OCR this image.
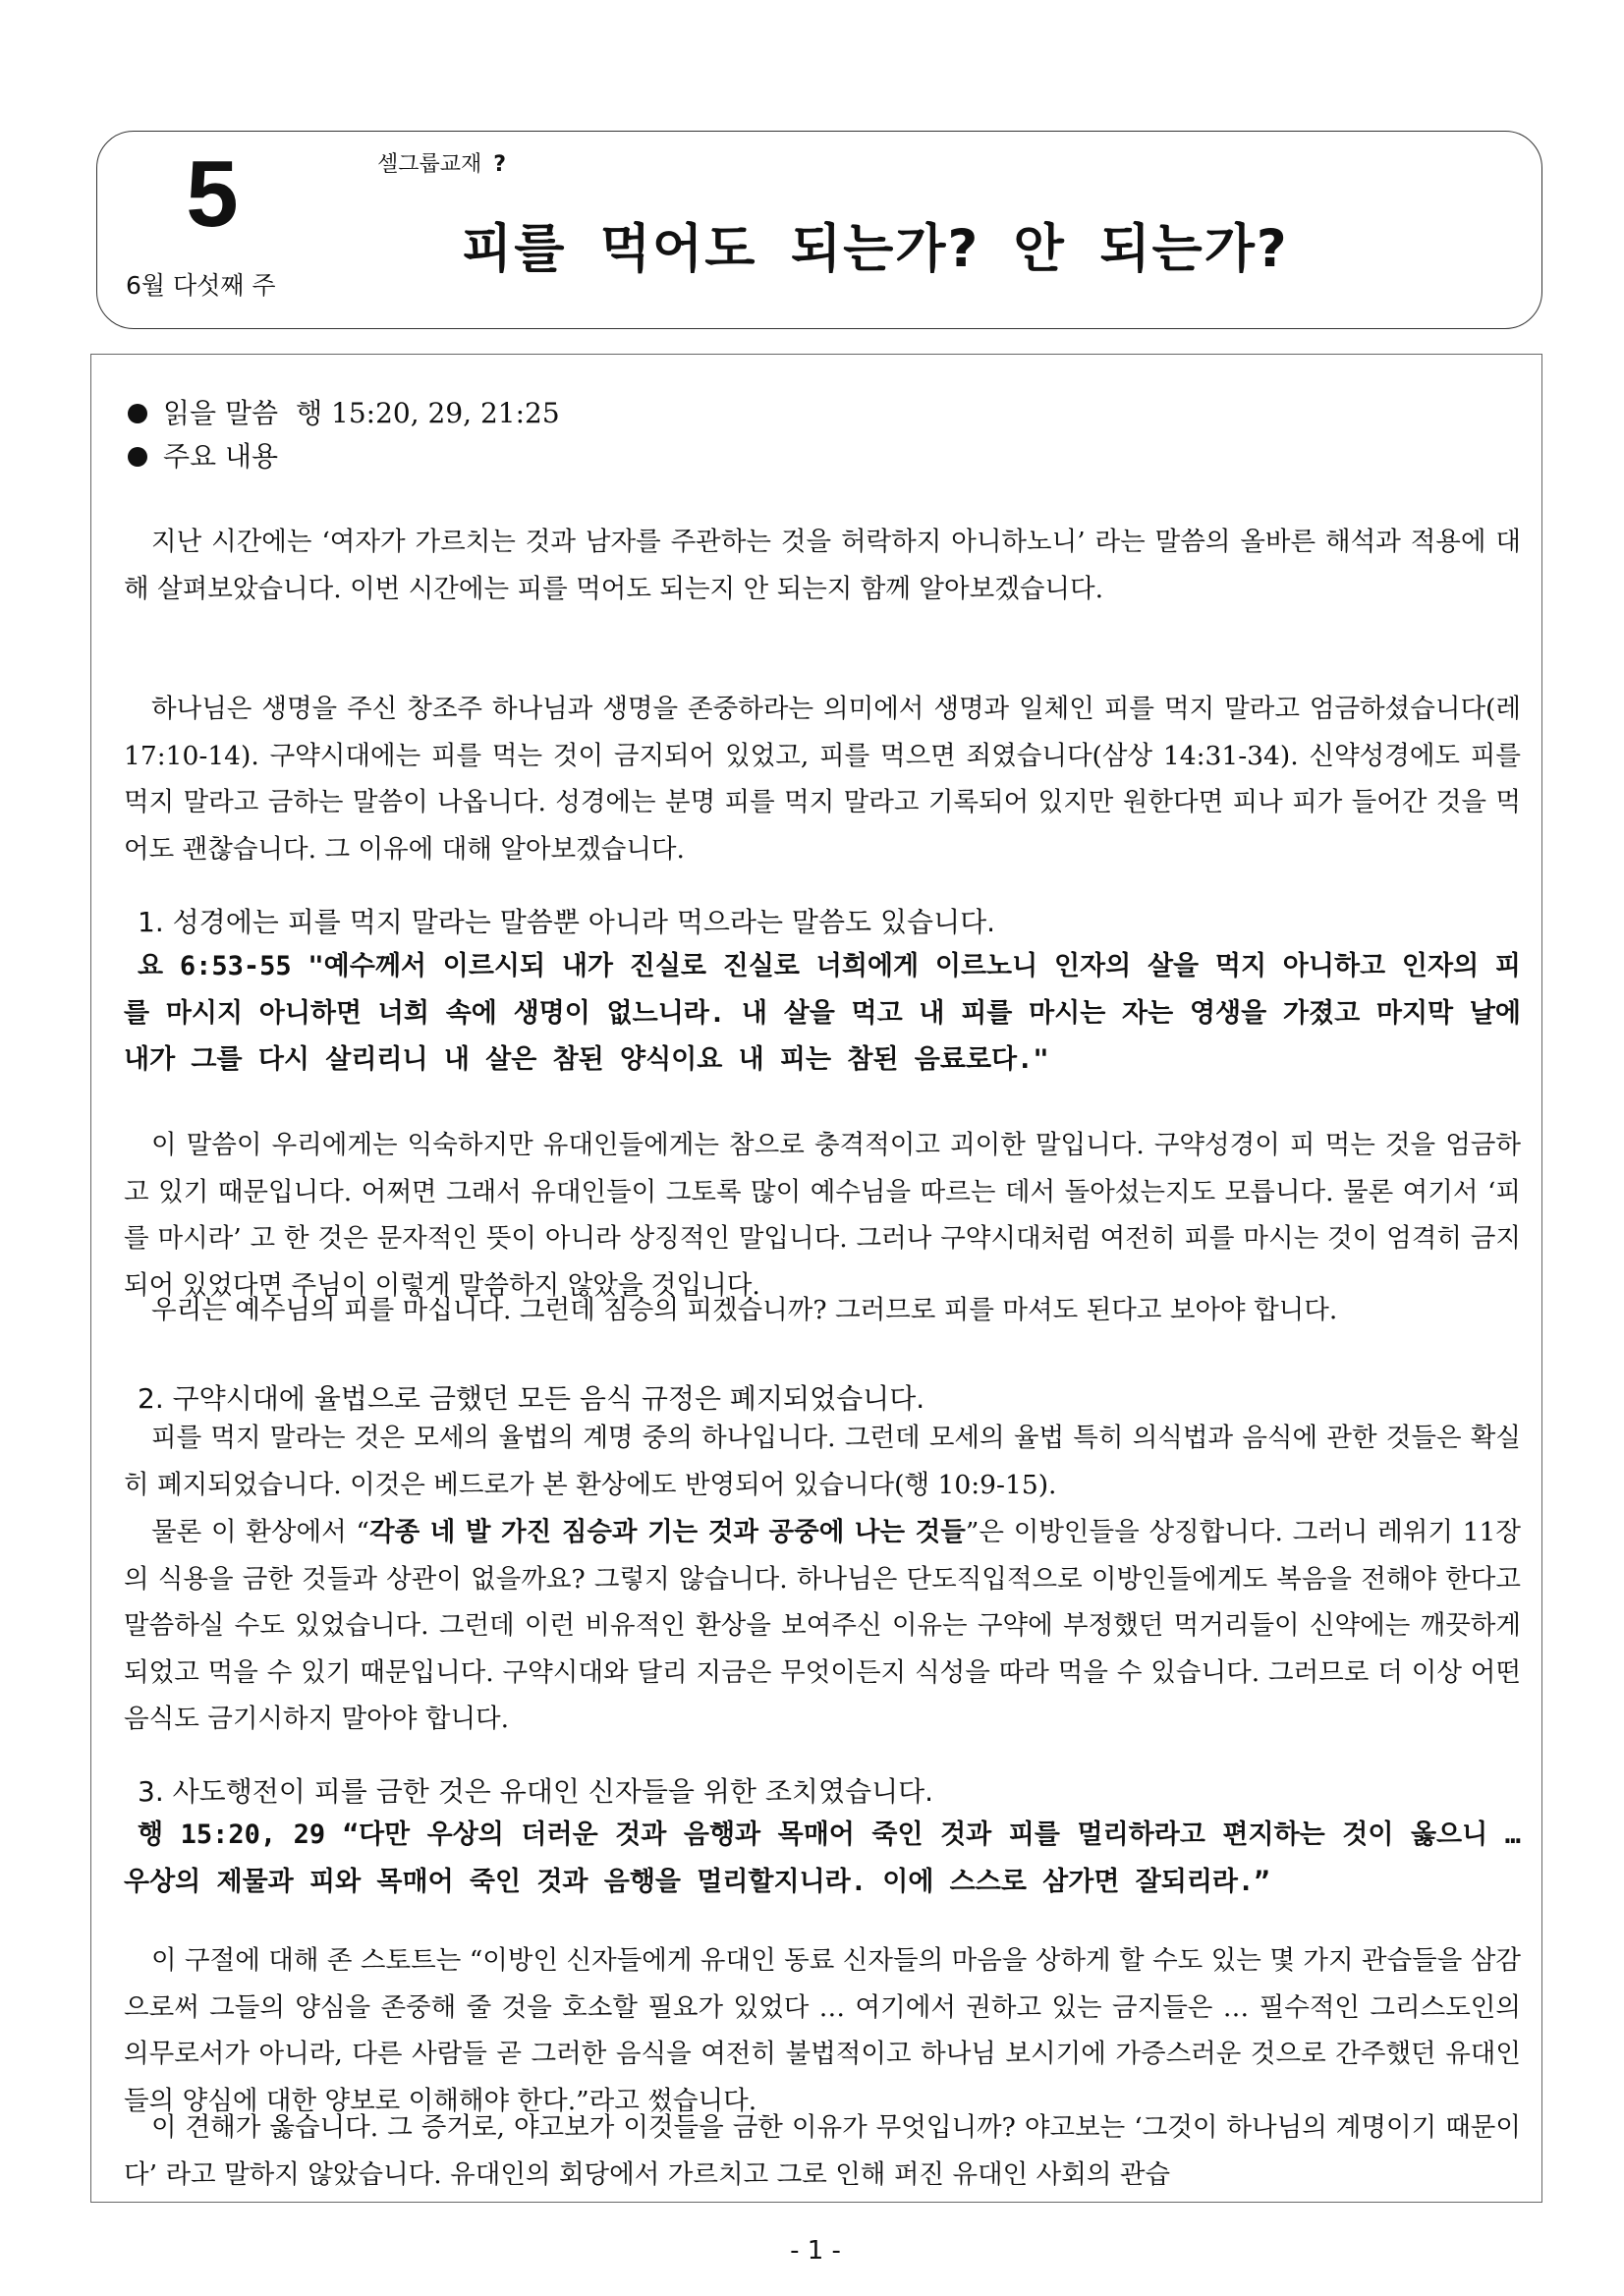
5
6월 다섯째 주
셀그룹교재 ?
피를 먹어도 되는가? 안 되는가?
읽을 말씀 행 15:20, 29, 21:25
주요 내용
지난 시간에는 ‘여자가 가르치는 것과 남자를 주관하는 것을 허락하지 아니하노니’ 라는 말씀의 올바른 해석과 적용에 대해 살펴보았습니다. 이번 시간에는 피를 먹어도 되는지 안 되는지 함께 알아보겠습니다.
하나님은 생명을 주신 창조주 하나님과 생명을 존중하라는 의미에서 생명과 일체인 피를 먹지 말라고 엄금하셨습니다(레 17:10-14). 구약시대에는 피를 먹는 것이 금지되어 있었고, 피를 먹으면 죄였습니다(삼상 14:31-34). 신약성경에도 피를 먹지 말라고 금하는 말씀이 나옵니다. 성경에는 분명 피를 먹지 말라고 기록되어 있지만 원한다면 피나 피가 들어간 것을 먹어도 괜찮습니다. 그 이유에 대해 알아보겠습니다.
1. 성경에는 피를 먹지 말라는 말씀뿐 아니라 먹으라는 말씀도 있습니다.
요 6:53-55 "예수께서 이르시되 내가 진실로 진실로 너희에게 이르노니 인자의 살을 먹지 아니하고 인자의 피를 마시지 아니하면 너희 속에 생명이 없느니라. 내 살을 먹고 내 피를 마시는 자는 영생을 가졌고 마지막 날에 내가 그를 다시 살리리니 내 살은 참된 양식이요 내 피는 참된 음료로다."
이 말씀이 우리에게는 익숙하지만 유대인들에게는 참으로 충격적이고 괴이한 말입니다. 구약성경이 피 먹는 것을 엄금하고 있기 때문입니다. 어쩌면 그래서 유대인들이 그토록 많이 예수님을 따르는 데서 돌아섰는지도 모릅니다. 물론 여기서 ‘피를 마시라’ 고 한 것은 문자적인 뜻이 아니라 상징적인 말입니다. 그러나 구약시대처럼 여전히 피를 마시는 것이 엄격히 금지되어 있었다면 주님이 이렇게 말씀하지 않았을 것입니다.
우리는 예수님의 피를 마십니다. 그런데 짐승의 피겠습니까? 그러므로 피를 마셔도 된다고 보아야 합니다.
2. 구약시대에 율법으로 금했던 모든 음식 규정은 폐지되었습니다.
피를 먹지 말라는 것은 모세의 율법의 계명 중의 하나입니다. 그런데 모세의 율법 특히 의식법과 음식에 관한 것들은 확실히 폐지되었습니다. 이것은 베드로가 본 환상에도 반영되어 있습니다(행 10:9-15).
물론 이 환상에서 “각종 네 발 가진 짐승과 기는 것과 공중에 나는 것들”은 이방인들을 상징합니다. 그러니 레위기 11장의 식용을 금한 것들과 상관이 없을까요? 그렇지 않습니다. 하나님은 단도직입적으로 이방인들에게도 복음을 전해야 한다고 말씀하실 수도 있었습니다. 그런데 이런 비유적인 환상을 보여주신 이유는 구약에 부정했던 먹거리들이 신약에는 깨끗하게 되었고 먹을 수 있기 때문입니다. 구약시대와 달리 지금은 무엇이든지 식성을 따라 먹을 수 있습니다. 그러므로 더 이상 어떤 음식도 금기시하지 말아야 합니다.
3. 사도행전이 피를 금한 것은 유대인 신자들을 위한 조치였습니다.
행 15:20, 29 “다만 우상의 더러운 것과 음행과 목매어 죽인 것과 피를 멀리하라고 편지하는 것이 옳으니 … 우상의 제물과 피와 목매어 죽인 것과 음행을 멀리할지니라. 이에 스스로 삼가면 잘되리라.”
이 구절에 대해 존 스토트는 “이방인 신자들에게 유대인 동료 신자들의 마음을 상하게 할 수도 있는 몇 가지 관습들을 삼감으로써 그들의 양심을 존중해 줄 것을 호소할 필요가 있었다 … 여기에서 권하고 있는 금지들은 … 필수적인 그리스도인의 의무로서가 아니라, 다른 사람들 곧 그러한 음식을 여전히 불법적이고 하나님 보시기에 가증스러운 것으로 간주했던 유대인들의 양심에 대한 양보로 이해해야 한다.”라고 썼습니다.
이 견해가 옳습니다. 그 증거로, 야고보가 이것들을 금한 이유가 무엇입니까? 야고보는 ‘그것이 하나님의 계명이기 때문이다’ 라고 말하지 않았습니다. 유대인의 회당에서 가르치고 그로 인해 퍼진 유대인 사회의 관습
- 1 -
